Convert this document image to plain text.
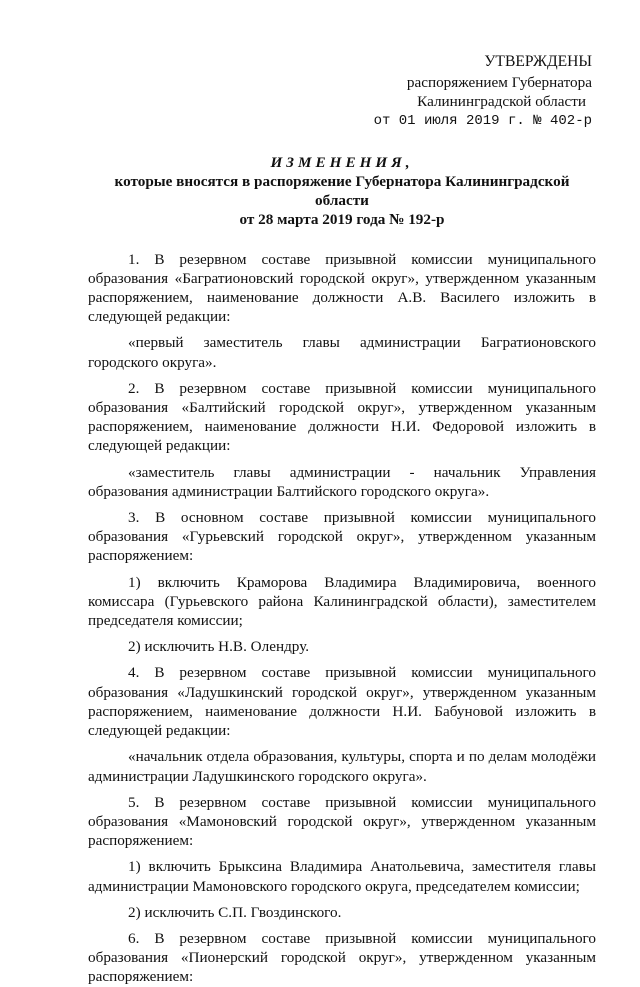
УТВЕРЖДЕНЫ
распоряжением Губернатора
Калининградской области
от 01 июля 2019 г. № 402-р
ИЗМЕНЕНИЯ,
которые вносятся в распоряжение Губернатора Калининградской области
от 28 марта 2019 года № 192-р

1. В резервном составе призывной комиссии муниципального образования «Багратионовский городской округ», утвержденном указанным распоряжением, наименование должности А.В. Василего изложить в следующей редакции:

«первый заместитель главы администрации Багратионовского городского округа».

2. В резервном составе призывной комиссии муниципального образования «Балтийский городской округ», утвержденном указанным распоряжением, наименование должности Н.И. Федоровой изложить в следующей редакции:

«заместитель главы администрации - начальник Управления образования администрации Балтийского городского округа».

3. В основном составе призывной комиссии муниципального образования «Гурьевский городской округ», утвержденном указанным распоряжением:

1) включить Краморова Владимира Владимировича, военного комиссара (Гурьевского района Калининградской области), заместителем председателя комиссии;

2) исключить Н.В. Олендру.

4. В резервном составе призывной комиссии муниципального образования «Ладушкинский городской округ», утвержденном указанным распоряжением, наименование должности Н.И. Бабуновой изложить в следующей редакции:

«начальник отдела образования, культуры, спорта и по делам молодёжи администрации Ладушкинского городского округа».

5. В резервном составе призывной комиссии муниципального образования «Мамоновский городской округ», утвержденном указанным распоряжением:

1) включить Брыксина Владимира Анатольевича, заместителя главы администрации Мамоновского городского округа, председателем комиссии;

2) исключить С.П. Гвоздинского.

6. В резервном составе призывной комиссии муниципального образования «Пионерский городской округ», утвержденном указанным распоряжением:
